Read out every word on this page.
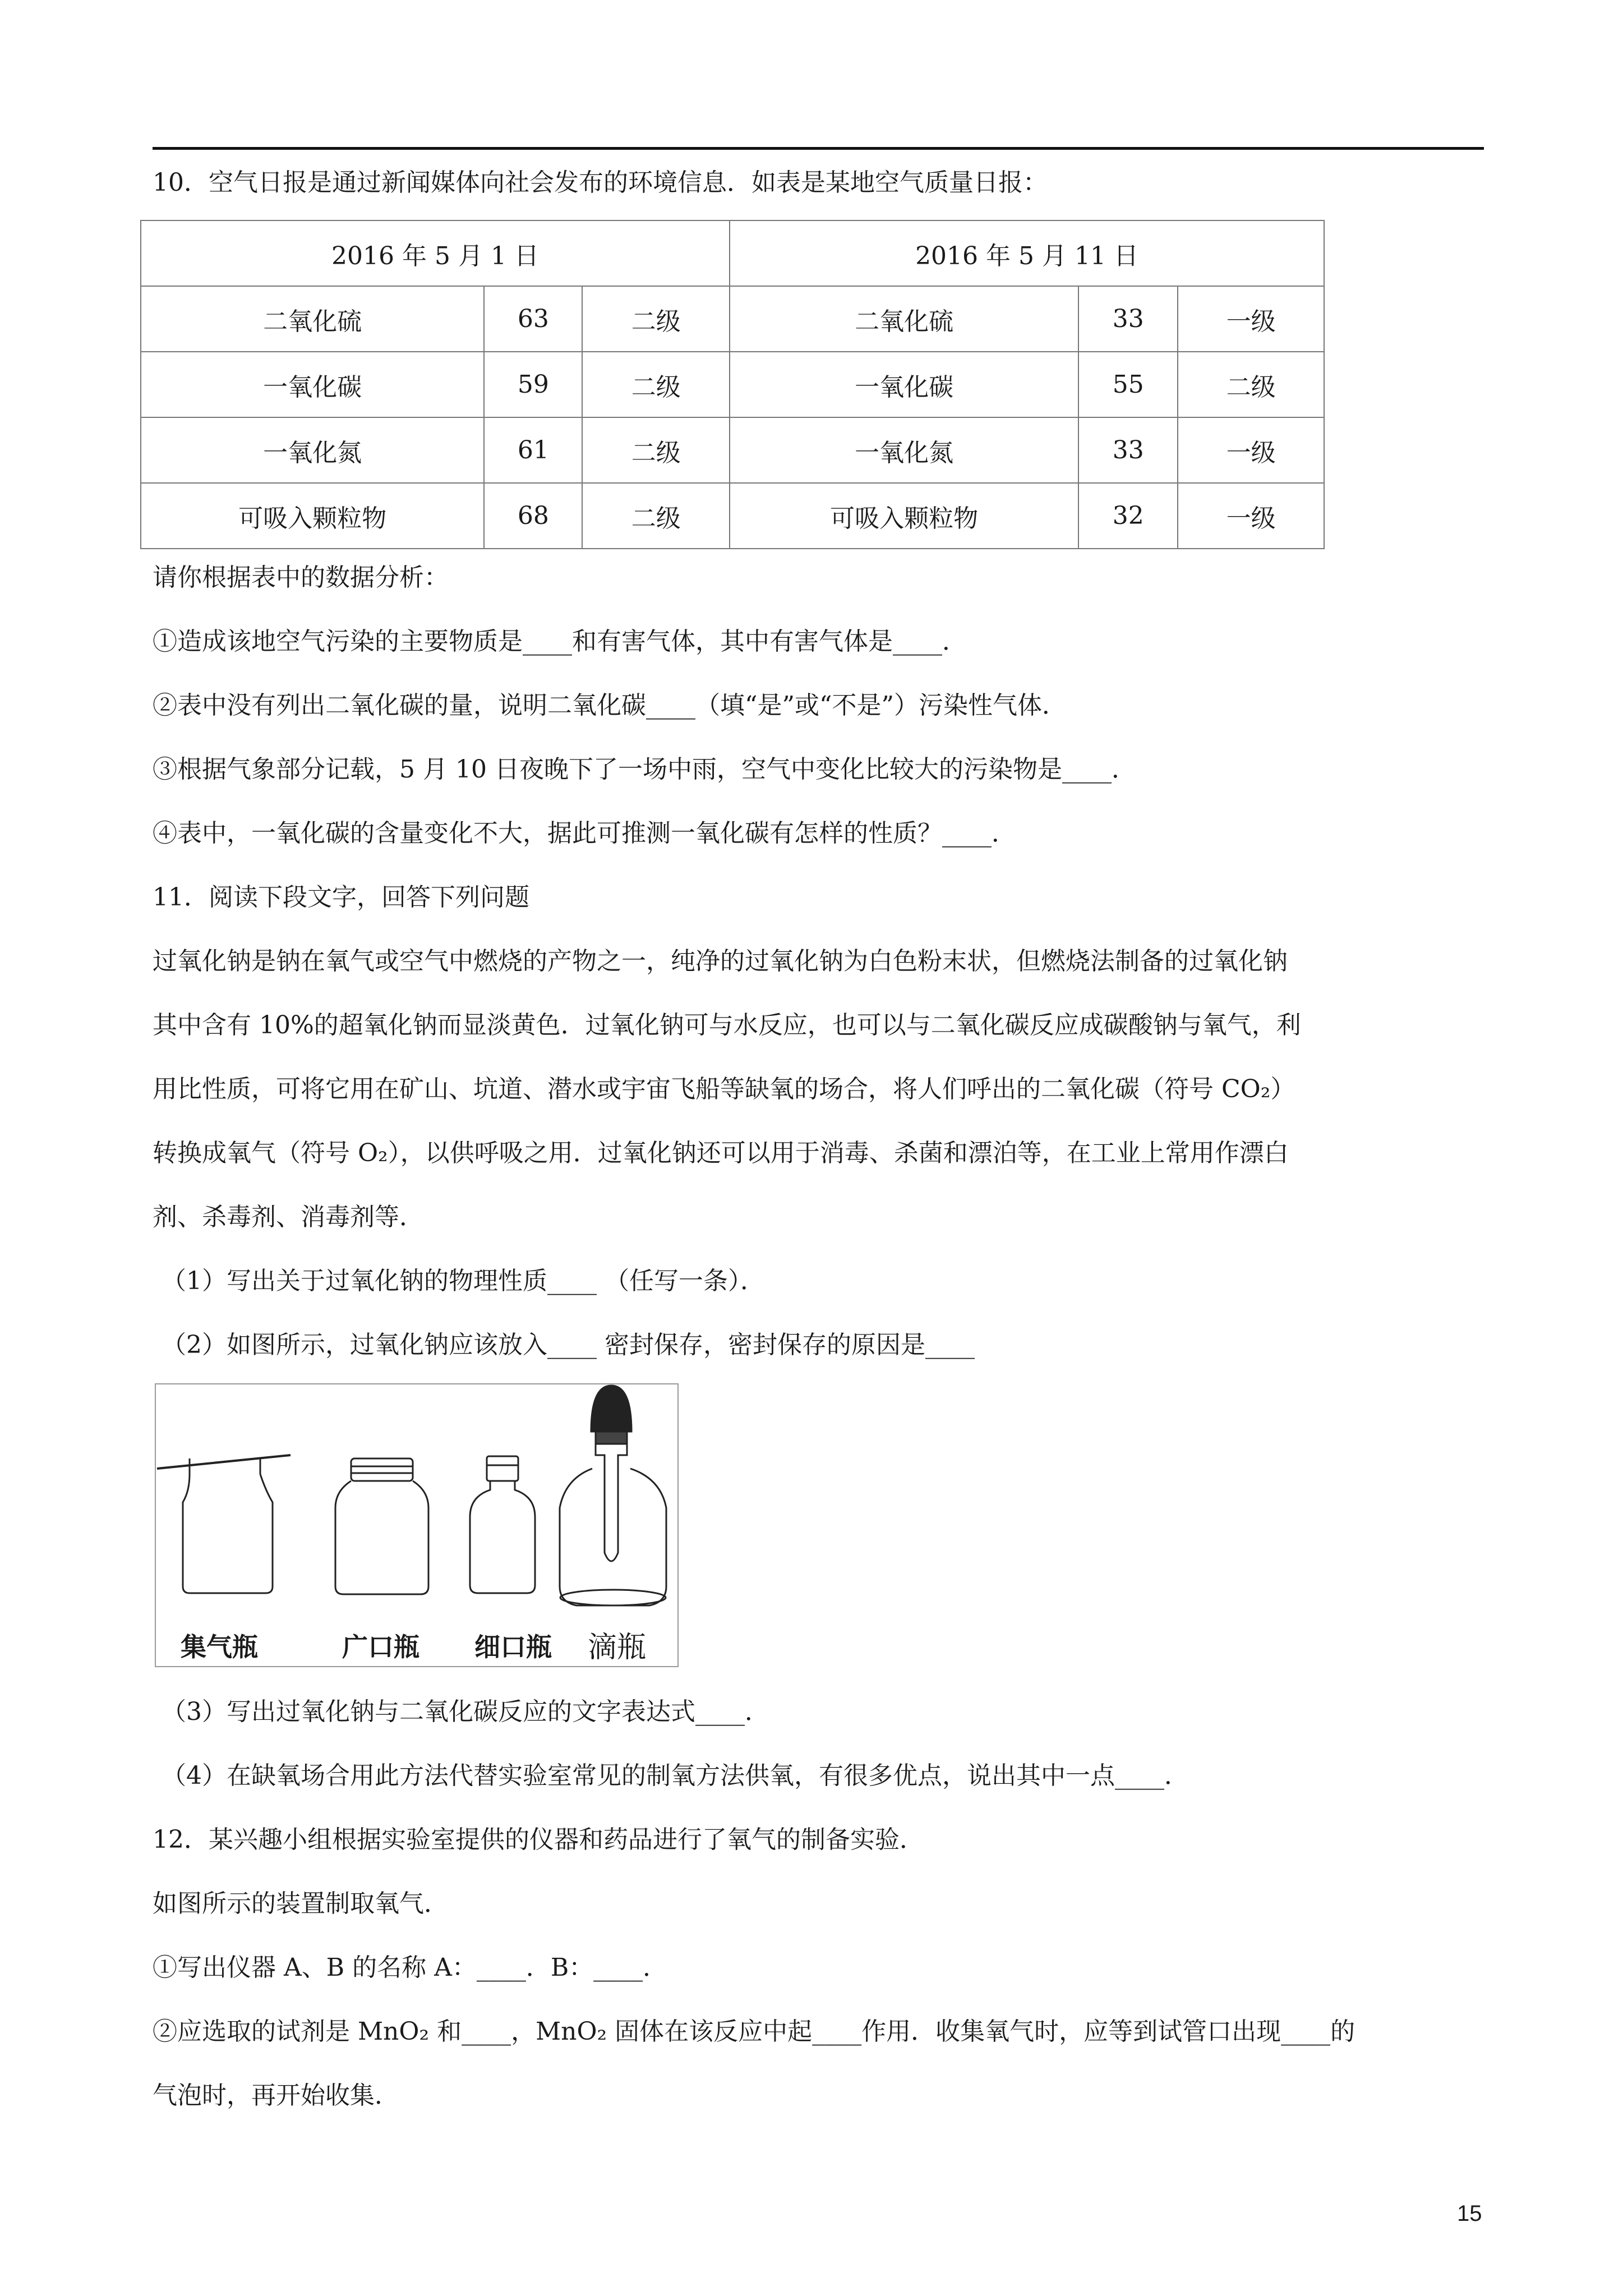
10．空气日报是通过新闻媒体向社会发布的环境信息．如表是某地空气质量日报：
2016 年 5 月 1 日			2016 年 5 月 11 日		
二氧化硫	63	二级	二氧化硫	33	一级
一氧化碳	59	二级	一氧化碳	55	二级
一氧化氮	61	二级	一氧化氮	33	一级
可吸入颗粒物	68	二级	可吸入颗粒物	32	一级
请你根据表中的数据分析：
①造成该地空气污染的主要物质是____和有害气体，其中有害气体是____．
②表中没有列出二氧化碳的量，说明二氧化碳____（填“是”或“不是”）污染性气体．
③根据气象部分记载，5 月 10 日夜晚下了一场中雨，空气中变化比较大的污染物是____．
④表中，一氧化碳的含量变化不大，据此可推测一氧化碳有怎样的性质？____．
11．阅读下段文字，回答下列问题
过氧化钠是钠在氧气或空气中燃烧的产物之一，纯净的过氧化钠为白色粉末状，但燃烧法制备的过氧化钠
其中含有 10%的超氧化钠而显淡黄色．过氧化钠可与水反应，也可以与二氧化碳反应成碳酸钠与氧气，利
用比性质，可将它用在矿山、坑道、潜水或宇宙飞船等缺氧的场合，将人们呼出的二氧化碳（符号 CO₂）
转换成氧气（符号 O₂），以供呼吸之用．过氧化钠还可以用于消毒、杀菌和漂泊等，在工业上常用作漂白
剂、杀毒剂、消毒剂等．
（1）写出关于过氧化钠的物理性质____ （任写一条）．
（2）如图所示，过氧化钠应该放入____ 密封保存，密封保存的原因是____
集气瓶	广口瓶 细口瓶 滴瓶
（3）写出过氧化钠与二氧化碳反应的文字表达式____．
（4）在缺氧场合用此方法代替实验室常见的制氧方法供氧，有很多优点，说出其中一点____．
12．某兴趣小组根据实验室提供的仪器和药品进行了氧气的制备实验．
如图所示的装置制取氧气．
①写出仪器 A、B 的名称 A：____．B：____．
②应选取的试剂是 MnO₂ 和____，MnO₂ 固体在该反应中起____作用．收集氧气时，应等到试管口出现____的
气泡时，再开始收集．
15
